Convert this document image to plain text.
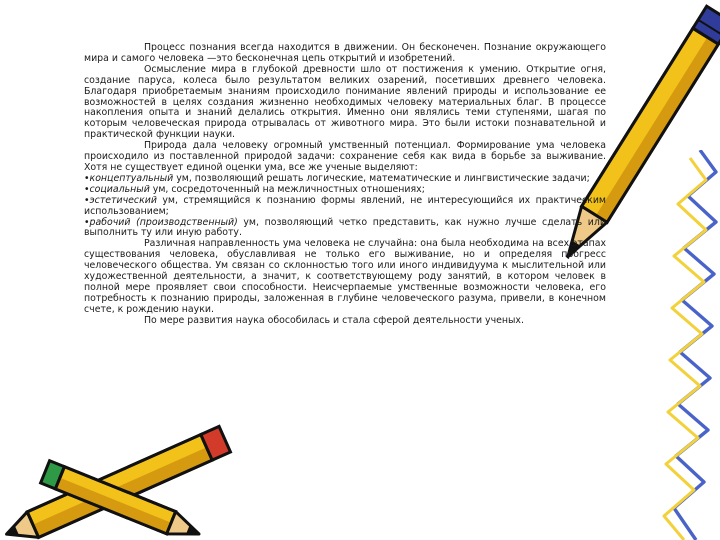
Процесс познания всегда находится в движении. Он бесконечен. Познание окружающего мира и самого человека —это бесконечная цепь открытий и изобретений.

Осмысление мира в глубокой древности шло от постижения к умению. Открытие огня, создание паруса, колеса было результатом великих озарений, посетивших древнего человека. Благодаря приобретаемым знаниям происходило понимание явлений природы и использование ее возможностей в целях создания жизненно необходимых человеку материальных благ. В процессе накопления опыта и знаний делались открытия. Именно они являлись теми ступенями, шагая по которым человеческая природа отрывалась от животного мира. Это были истоки познавательной и практической функции науки.

Природа дала человеку огромный умственный потенциал. Формирование ума человека происходило из поставленной природой задачи: сохранение себя как вида в борьбе за выживание. Хотя не существует единой оценки ума, все же ученые выделяют:

•концептуальный ум, позволяющий решать логические, математические и лингвистические задачи;

•социальный ум, сосредоточенный на межличностных отношениях;

•эстетический ум, стремящийся к познанию формы явлений, не интересующийся их практическим использованием;

•рабочий (производственный) ум, позволяющий четко представить, как нужно лучше сделать или выполнить ту или иную работу.

Различная направленность ума человека не случайна: она была необходима на всех этапах существования человека, обуславливая не только его выживание, но и определяя прогресс человеческого общества. Ум связан со склонностью того или иного индивидуума к мыслительной или художественной деятельности, а значит, к соответствующему роду занятий, в котором человек в полной мере проявляет свои способности. Неисчерпаемые умственные возможности человека, его потребность к познанию природы, заложенная в глубине человеческого разума, привели, в конечном счете, к рождению науки.

По мере развития наука обособилась и стала сферой деятельности ученых.
